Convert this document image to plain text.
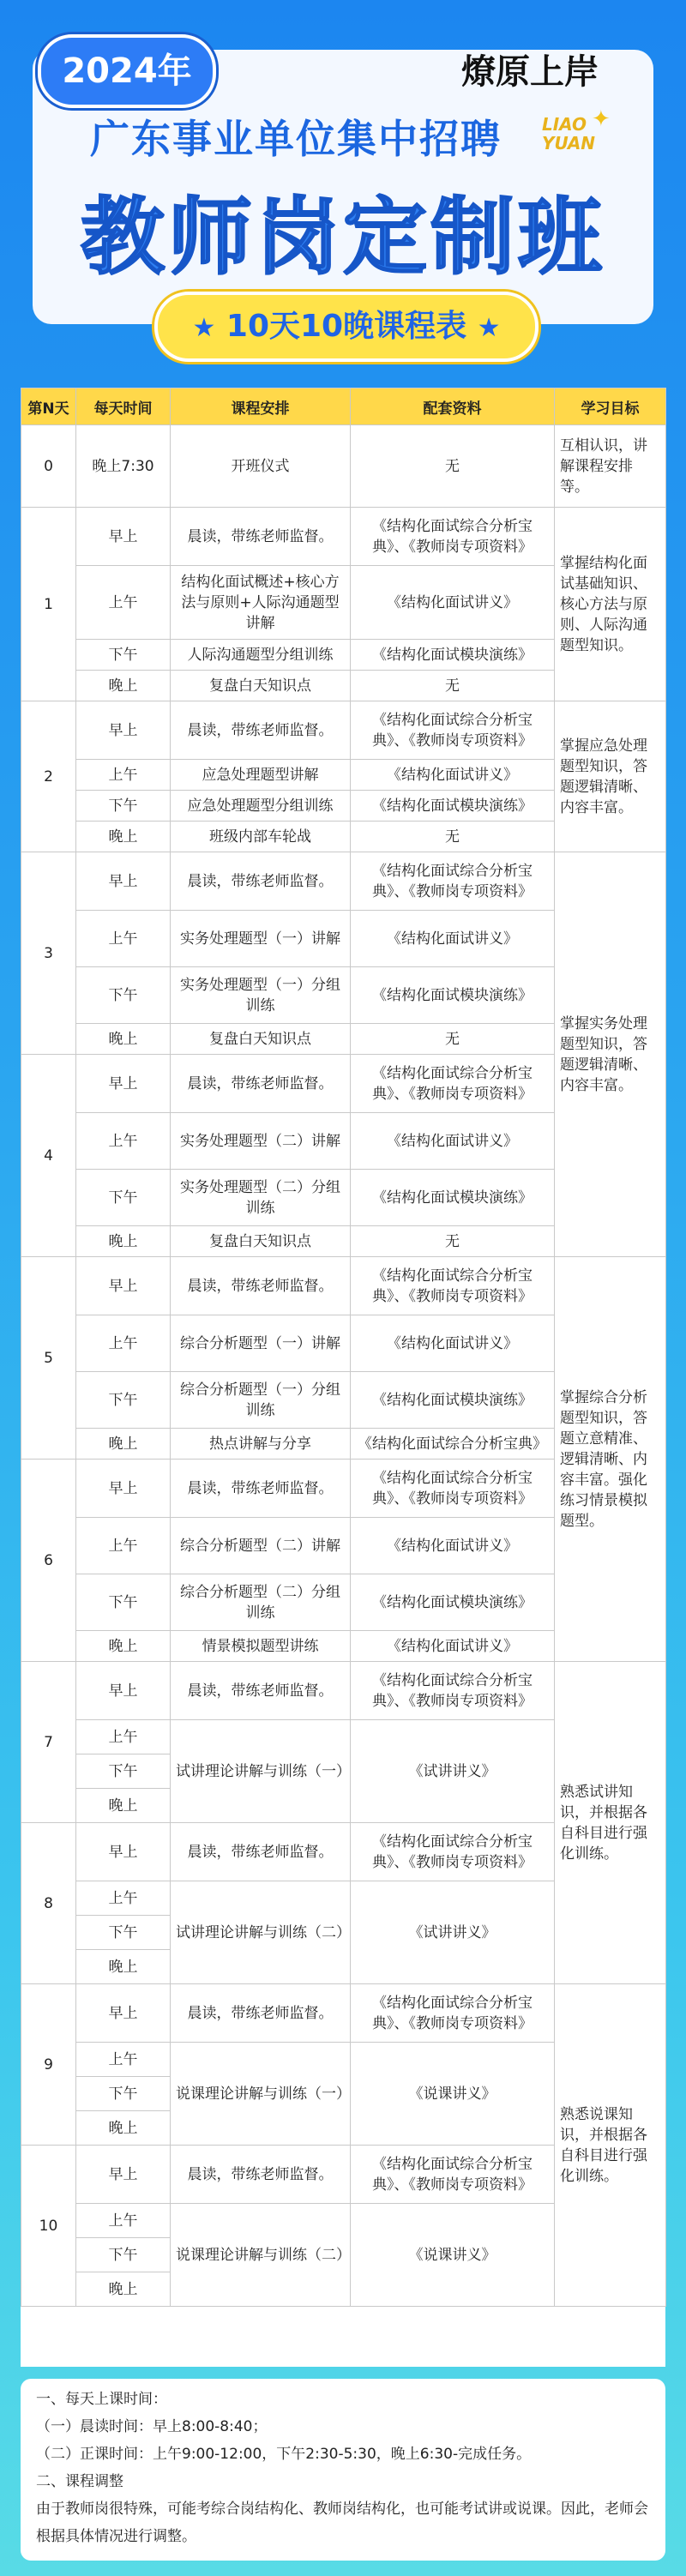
2024年	燎原上岸
广东事业单位集中招聘	LIAO
YUAN
✦
教师岗定制班
★ 10天10晚课程表 ★
第N天	每天时间	课程安排	配套资料	学习目标
0	晚上7:30	开班仪式	无	互相认识，讲解课程安排等。
1	早上	晨读，带练老师监督。	《结构化面试综合分析宝典》、《教师岗专项资料》	掌握结构化面试基础知识、核心方法与原则、人际沟通题型知识。
	上午	结构化面试概述+核心方法与原则+人际沟通题型讲解	《结构化面试讲义》	
	下午	人际沟通题型分组训练	《结构化面试模块演练》	
	晚上	复盘白天知识点	无	
2	早上	晨读，带练老师监督。	《结构化面试综合分析宝典》、《教师岗专项资料》	掌握应急处理题型知识，答题逻辑清晰、内容丰富。
	上午	应急处理题型讲解	《结构化面试讲义》	
	下午	应急处理题型分组训练	《结构化面试模块演练》	
	晚上	班级内部车轮战	无	
3	早上	晨读，带练老师监督。	《结构化面试综合分析宝典》、《教师岗专项资料》	掌握实务处理题型知识，答题逻辑清晰、内容丰富。
	上午	实务处理题型（一）讲解	《结构化面试讲义》	
	下午	实务处理题型（一）分组训练	《结构化面试模块演练》	
	晚上	复盘白天知识点	无	
4	早上	晨读，带练老师监督。	《结构化面试综合分析宝典》、《教师岗专项资料》	
	上午	实务处理题型（二）讲解	《结构化面试讲义》	
	下午	实务处理题型（二）分组训练	《结构化面试模块演练》	
	晚上	复盘白天知识点	无	
5	早上	晨读，带练老师监督。	《结构化面试综合分析宝典》、《教师岗专项资料》	掌握综合分析题型知识，答题立意精准、逻辑清晰、内容丰富。强化练习情景模拟题型。
	上午	综合分析题型（一）讲解	《结构化面试讲义》	
	下午	综合分析题型（一）分组训练	《结构化面试模块演练》	
	晚上	热点讲解与分享	《结构化面试综合分析宝典》	
6	早上	晨读，带练老师监督。	《结构化面试综合分析宝典》、《教师岗专项资料》	
	上午	综合分析题型（二）讲解	《结构化面试讲义》	
	下午	综合分析题型（二）分组训练	《结构化面试模块演练》	
	晚上	情景模拟题型讲练	《结构化面试讲义》	
7	早上	晨读，带练老师监督。	《结构化面试综合分析宝典》、《教师岗专项资料》	熟悉试讲知识，并根据各自科目进行强化训练。
	上午	试讲理论讲解与训练（一）	《试讲讲义》	
	下午			
	晚上			
8	早上	晨读，带练老师监督。	《结构化面试综合分析宝典》、《教师岗专项资料》	
	上午	试讲理论讲解与训练（二）	《试讲讲义》	
	下午			
	晚上			
9	早上	晨读，带练老师监督。	《结构化面试综合分析宝典》、《教师岗专项资料》	熟悉说课知识，并根据各自科目进行强化训练。
	上午	说课理论讲解与训练（一）	《说课讲义》	
	下午			
	晚上			
10	早上	晨读，带练老师监督。	《结构化面试综合分析宝典》、《教师岗专项资料》	
	上午	说课理论讲解与训练（二）	《说课讲义》	
	下午			
	晚上			

一、每天上课时间：

（一）晨读时间：早上8:00-8:40；

（二）正课时间：上午9:00-12:00，下午2:30-5:30，晚上6:30-完成任务。

二、课程调整

由于教师岗很特殊，可能考综合岗结构化、教师岗结构化，也可能考试讲或说课。因此，老师会根据具体情况进行调整。
